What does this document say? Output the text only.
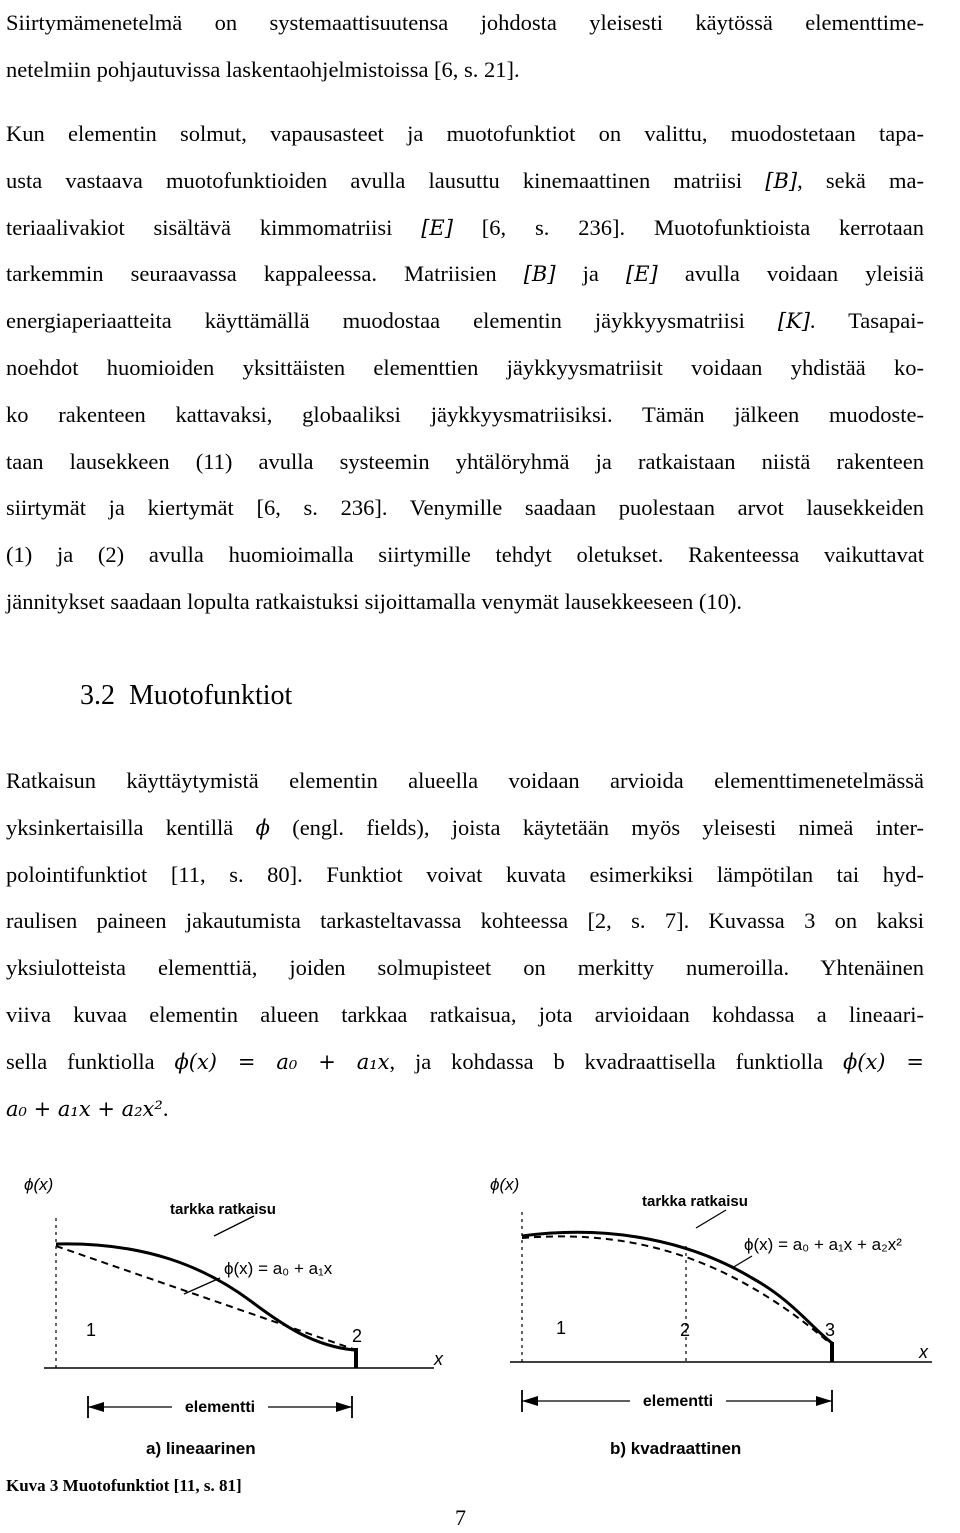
Siirtymämenetelmä on systemaattisuutensa johdosta yleisesti käytössä elementtime-
netelmiin pohjautuvissa laskentaohjelmistoissa [6, s. 21].
Kun elementin solmut, vapausasteet ja muotofunktiot on valittu, muodostetaan tapa-
usta vastaava muotofunktioiden avulla lausuttu kinemaattinen matriisi [B], sekä ma-
teriaalivakiot sisältävä kimmomatriisi [E] [6, s. 236]. Muotofunktioista kerrotaan
tarkemmin seuraavassa kappaleessa. Matriisien [B] ja [E] avulla voidaan yleisiä
energiaperiaatteita käyttämällä muodostaa elementin jäykkyysmatriisi [K]. Tasapai-
noehdot huomioiden yksittäisten elementtien jäykkyysmatriisit voidaan yhdistää ko-
ko rakenteen kattavaksi, globaaliksi jäykkyysmatriisiksi. Tämän jälkeen muodoste-
taan lausekkeen (11) avulla systeemin yhtälöryhmä ja ratkaistaan niistä rakenteen
siirtymät ja kiertymät [6, s. 236]. Venymille saadaan puolestaan arvot lausekkeiden
(1) ja (2) avulla huomioimalla siirtymille tehdyt oletukset. Rakenteessa vaikuttavat
jännitykset saadaan lopulta ratkaistuksi sijoittamalla venymät lausekkeeseen (10).
3.2 Muotofunktiot
Ratkaisun käyttäytymistä elementin alueella voidaan arvioida elementtimenetelmässä
yksinkertaisilla kentillä ϕ (engl. fields), joista käytetään myös yleisesti nimeä inter-
polointifunktiot [11, s. 80]. Funktiot voivat kuvata esimerkiksi lämpötilan tai hyd-
raulisen paineen jakautumista tarkasteltavassa kohteessa [2, s. 7]. Kuvassa 3 on kaksi
yksiulotteista elementtiä, joiden solmupisteet on merkitty numeroilla. Yhtenäinen
viiva kuvaa elementin alueen tarkkaa ratkaisua, jota arvioidaan kohdassa a lineaari-
sella funktiolla ϕ(x) = a₀ + a₁x, ja kohdassa b kvadraattisella funktiolla ϕ(x) =
a₀ + a₁x + a₂x².
ϕ(x)
tarkka ratkaisu
ϕ(x) = a₀ + a₁x
1	2
x
elementti
a) lineaarinen
ϕ(x)
tarkka ratkaisu
ϕ(x) = a₀ + a₁x + a₂x²
1	2	3
x
elementti
b) kvadraattinen

Kuva 3 Muotofunktiot [11, s. 81]

7
